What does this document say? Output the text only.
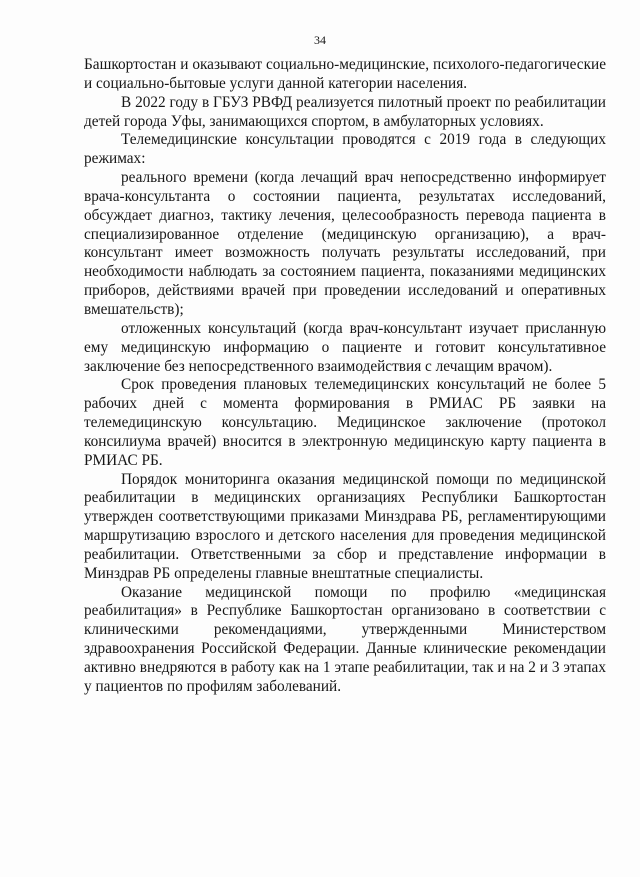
34

Башкортостан и оказывают социально-медицинские, психолого-педагогические и социально-бытовые услуги данной категории населения.

В 2022 году в ГБУЗ РВФД реализуется пилотный проект по реабилитации детей города Уфы, занимающихся спортом, в амбулаторных условиях.

Телемедицинские консультации проводятся с 2019 года в следующих режимах:

реального времени (когда лечащий врач непосредственно информирует врача-консультанта о состоянии пациента, результатах исследований, обсуждает диагноз, тактику лечения, целесообразность перевода пациента в специализированное отделение (медицинскую организацию), а врач-консультант имеет возможность получать результаты исследований, при необходимости наблюдать за состоянием пациента, показаниями медицинских приборов, действиями врачей при проведении исследований и оперативных вмешательств);

отложенных консультаций (когда врач-консультант изучает присланную ему медицинскую информацию о пациенте и готовит консультативное заключение без непосредственного взаимодействия с лечащим врачом).

Срок проведения плановых телемедицинских консультаций не более 5 рабочих дней с момента формирования в РМИАС РБ заявки на телемедицинскую консультацию. Медицинское заключение (протокол консилиума врачей) вносится в электронную медицинскую карту пациента в РМИАС РБ.

Порядок мониторинга оказания медицинской помощи по медицинской реабилитации в медицинских организациях Республики Башкортостан утвержден соответствующими приказами Минздрава РБ, регламентирующими маршрутизацию взрослого и детского населения для проведения медицинской реабилитации. Ответственными за сбор и представление информации в Минздрав РБ определены главные внештатные специалисты.

Оказание медицинской помощи по профилю «медицинская реабилитация» в Республике Башкортостан организовано в соответствии с клиническими рекомендациями, утвержденными Министерством здравоохранения Российской Федерации. Данные клинические рекомендации активно внедряются в работу как на 1 этапе реабилитации, так и на 2 и 3 этапах у пациентов по профилям заболеваний.
